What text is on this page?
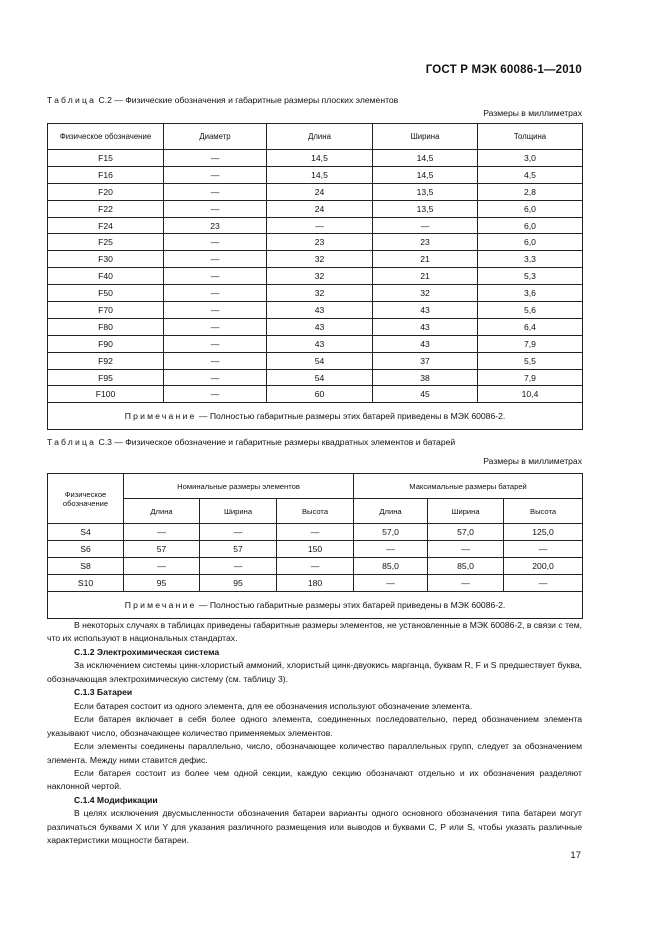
ГОСТ Р МЭК 60086-1—2010
Таблица С.2 — Физические обозначения и габаритные размеры плоских элементов
Размеры в миллиметрах
Физическое обозначение	Диаметр	Длина	Ширина	Толщина
F15	—	14,5	14,5	3,0
F16	—	14,5	14,5	4,5
F20	—	24	13,5	2,8
F22	—	24	13,5	6,0
F24	23	—	—	6,0
F25	—	23	23	6,0
F30	—	32	21	3,3
F40	—	32	21	5,3
F50	—	32	32	3,6
F70	—	43	43	5,6
F80	—	43	43	6,4
F90	—	43	43	7,9
F92	—	54	37	5,5
F95	—	54	38	7,9
F100	—	60	45	10,4
Примечание — Полностью габаритные размеры этих батарей приведены в МЭК 60086-2.				
Таблица С.3 — Физическое обозначение и габаритные размеры квадратных элементов и батарей
Размеры в миллиметрах
Физическое обозначение	Номинальные размеры элементов			Максимальные размеры батарей		
	Длина	Ширина	Высота	Длина	Ширина	Высота
S4	—	—	—	57,0	57,0	125,0
S6	57	57	150	—	—	—
S8	—	—	—	85,0	85,0	200,0
S10	95	95	180	—	—	—
Примечание — Полностью габаритные размеры этих батарей приведены в МЭК 60086-2.						

В некоторых случаях в таблицах приведены габаритные размеры элементов, не установленные в МЭК 60086-2, в связи с тем, что их используют в национальных стандартах.

С.1.2 Электрохимическая система

За исключением системы цинк-хлористый аммоний, хлористый цинк-двуокись марганца, буквам R, F и S предшествует буква, обозначающая электрохимическую систему (см. таблицу 3).

С.1.3 Батареи

Если батарея состоит из одного элемента, для ее обозначения используют обозначение элемента.

Если батарея включает в себя более одного элемента, соединенных последовательно, перед обозначением элемента указывают число, обозначающее количество применяемых элементов.

Если элементы соединены параллельно, число, обозначающее количество параллельных групп, следует за обозначением элемента. Между ними ставится дефис.

Если батарея состоит из более чем одной секции, каждую секцию обозначают отдельно и их обозначения разделяют наклонной чертой.

С.1.4 Модификации

В целях исключения двусмысленности обозначения батареи варианты одного основного обозначения типа батареи могут различаться буквами X или Y для указания различного размещения или выводов и буквами С, Р или S, чтобы указать различные характеристики мощности батареи.

17
